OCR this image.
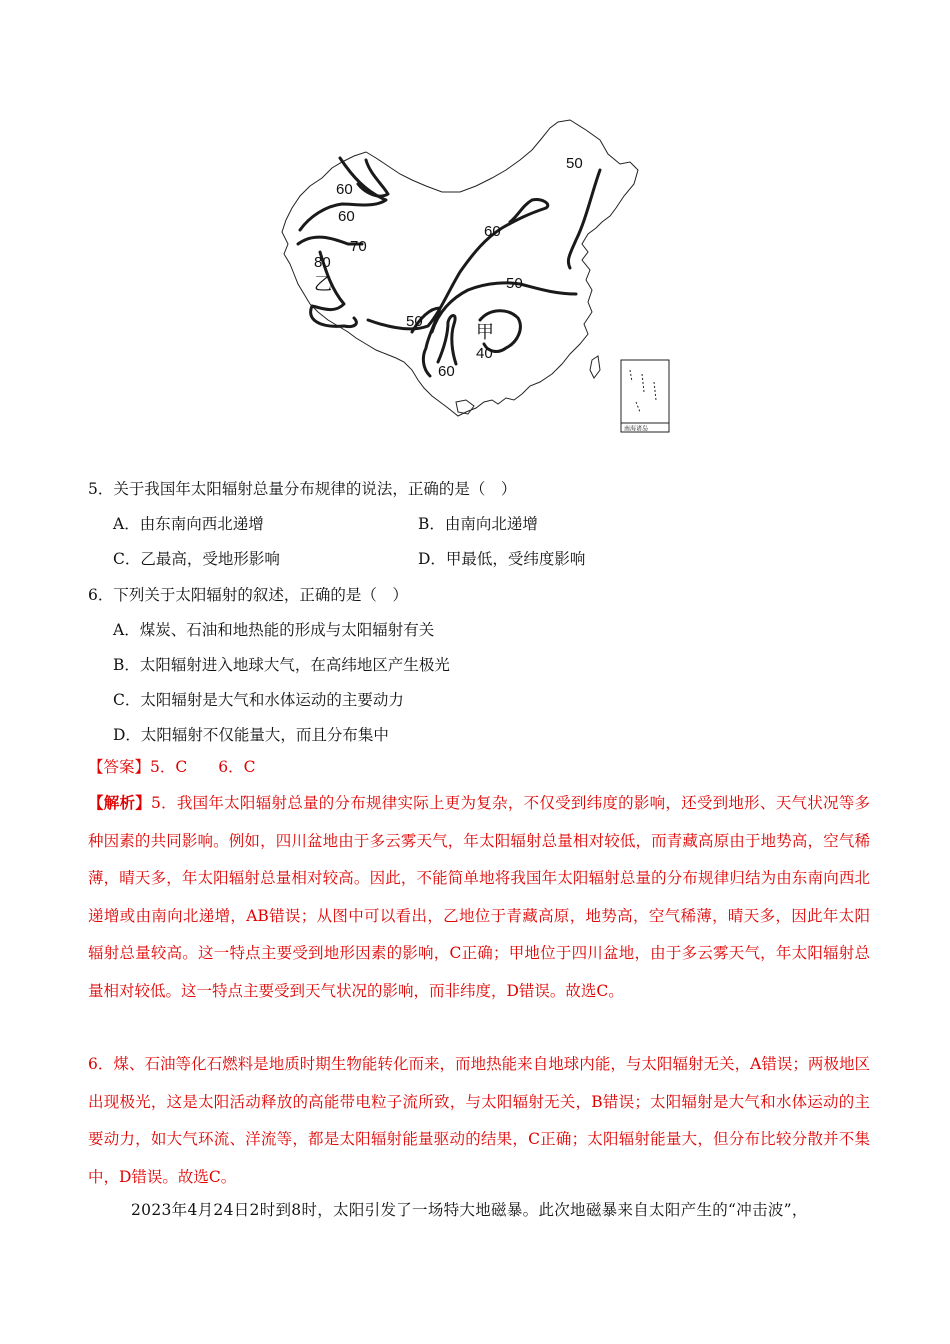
南海诸岛
50
60
60
70
80
乙
60
50
50
甲
40
60
5．关于我国年太阳辐射总量分布规律的说法，正确的是（　）
A．由东南向西北递增	B．由南向北递增
C．乙最高，受地形影响	D．甲最低，受纬度影响
6．下列关于太阳辐射的叙述，正确的是（　）
A．煤炭、石油和地热能的形成与太阳辐射有关
B．太阳辐射进入地球大气，在高纬地区产生极光
C．太阳辐射是大气和水体运动的主要动力
D．太阳辐射不仅能量大，而且分布集中
【答案】5．C　　6．C
【解析】5．我国年太阳辐射总量的分布规律实际上更为复杂，不仅受到纬度的影响，还受到地形、天气状况等多种因素的共同影响。例如，四川盆地由于多云雾天气，年太阳辐射总量相对较低，而青藏高原由于地势高，空气稀薄，晴天多，年太阳辐射总量相对较高。因此，不能简单地将我国年太阳辐射总量的分布规律归结为由东南向西北递增或由南向北递增，AB错误；从图中可以看出，乙地位于青藏高原，地势高，空气稀薄，晴天多，因此年太阳辐射总量较高。这一特点主要受到地形因素的影响，C正确；甲地位于四川盆地，由于多云雾天气，年太阳辐射总量相对较低。这一特点主要受到天气状况的影响，而非纬度，D错误。故选C。
6．煤、石油等化石燃料是地质时期生物能转化而来，而地热能来自地球内能，与太阳辐射无关，A错误；两极地区出现极光，这是太阳活动释放的高能带电粒子流所致，与太阳辐射无关，B错误；太阳辐射是大气和水体运动的主要动力，如大气环流、洋流等，都是太阳辐射能量驱动的结果，C正确；太阳辐射能量大，但分布比较分散并不集中，D错误。故选C。
2023年4月24日2时到8时，太阳引发了一场特大地磁暴。此次地磁暴来自太阳产生的“冲击波”，
